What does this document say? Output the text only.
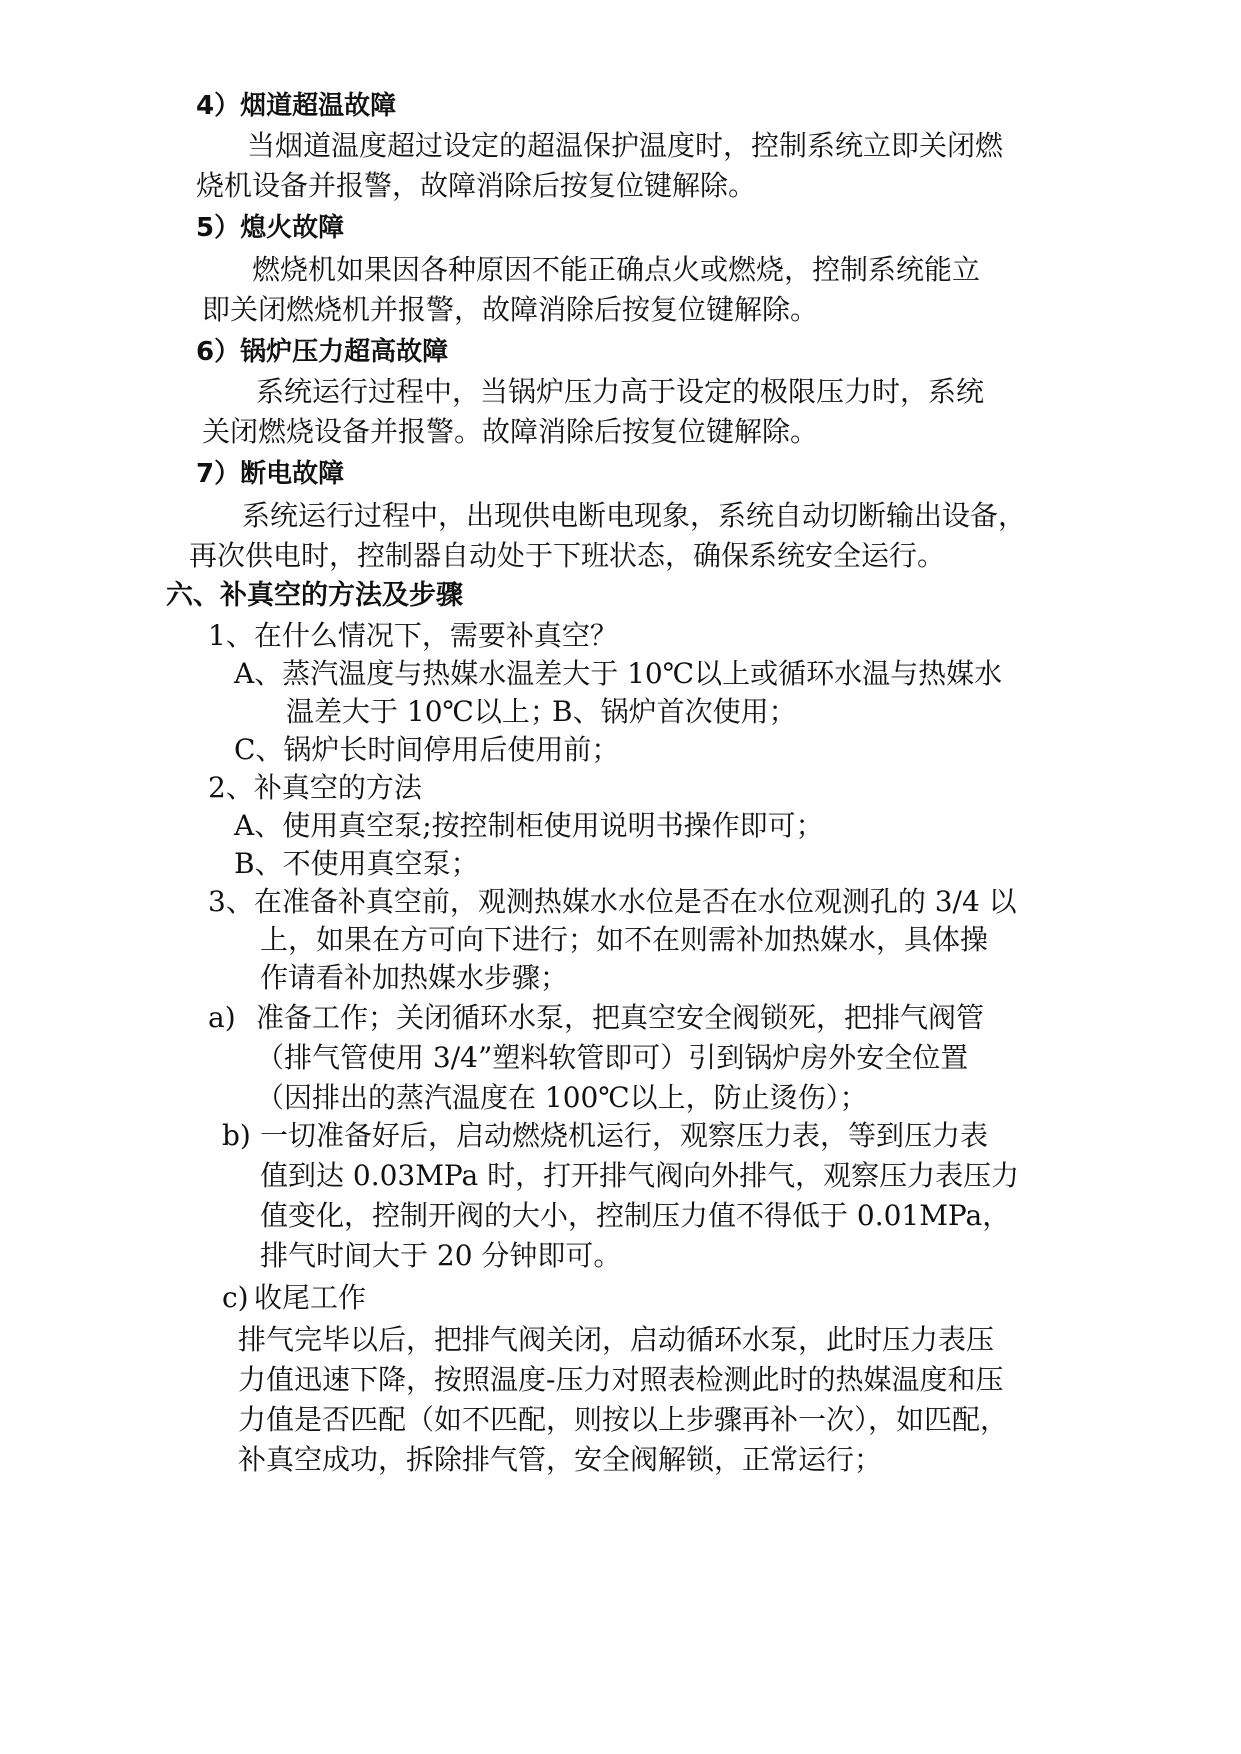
4）烟道超温故障
当烟道温度超过设定的超温保护温度时，控制系统立即关闭燃
烧机设备并报警，故障消除后按复位键解除。
5）熄火故障
燃烧机如果因各种原因不能正确点火或燃烧，控制系统能立
即关闭燃烧机并报警，故障消除后按复位键解除。
6）锅炉压力超高故障
系统运行过程中，当锅炉压力高于设定的极限压力时，系统
关闭燃烧设备并报警。故障消除后按复位键解除。
7）断电故障
系统运行过程中，出现供电断电现象，系统自动切断输出设备，
再次供电时，控制器自动处于下班状态，确保系统安全运行。
六、补真空的方法及步骤
1、在什么情况下，需要补真空？
A、蒸汽温度与热媒水温差大于 10℃以上或循环水温与热媒水
温差大于 10℃以上；
B、锅炉首次使用；
C、锅炉长时间停用后使用前；
2、补真空的方法
A、使用真空泵;按控制柜使用说明书操作即可；
B、不使用真空泵；
3、在准备补真空前，观测热媒水水位是否在水位观测孔的 3/4 以
上，如果在方可向下进行；如不在则需补加热媒水，具体操
作请看补加热媒水步骤；
a) 准备工作；关闭循环水泵，把真空安全阀锁死，把排气阀管
（排气管使用 3/4”塑料软管即可）引到锅炉房外安全位置
（因排出的蒸汽温度在 100℃以上，防止烫伤）；
b) 一切准备好后，启动燃烧机运行，观察压力表，等到压力表
值到达 0.03MPa 时，打开排气阀向外排气，观察压力表压力
值变化，控制开阀的大小，控制压力值不得低于 0.01MPa，
排气时间大于 20 分钟即可。
c) 收尾工作
排气完毕以后，把排气阀关闭，启动循环水泵，此时压力表压
力值迅速下降，按照温度-压力对照表检测此时的热媒温度和压
力值是否匹配（如不匹配，则按以上步骤再补一次），如匹配，
补真空成功，拆除排气管，安全阀解锁，正常运行；
